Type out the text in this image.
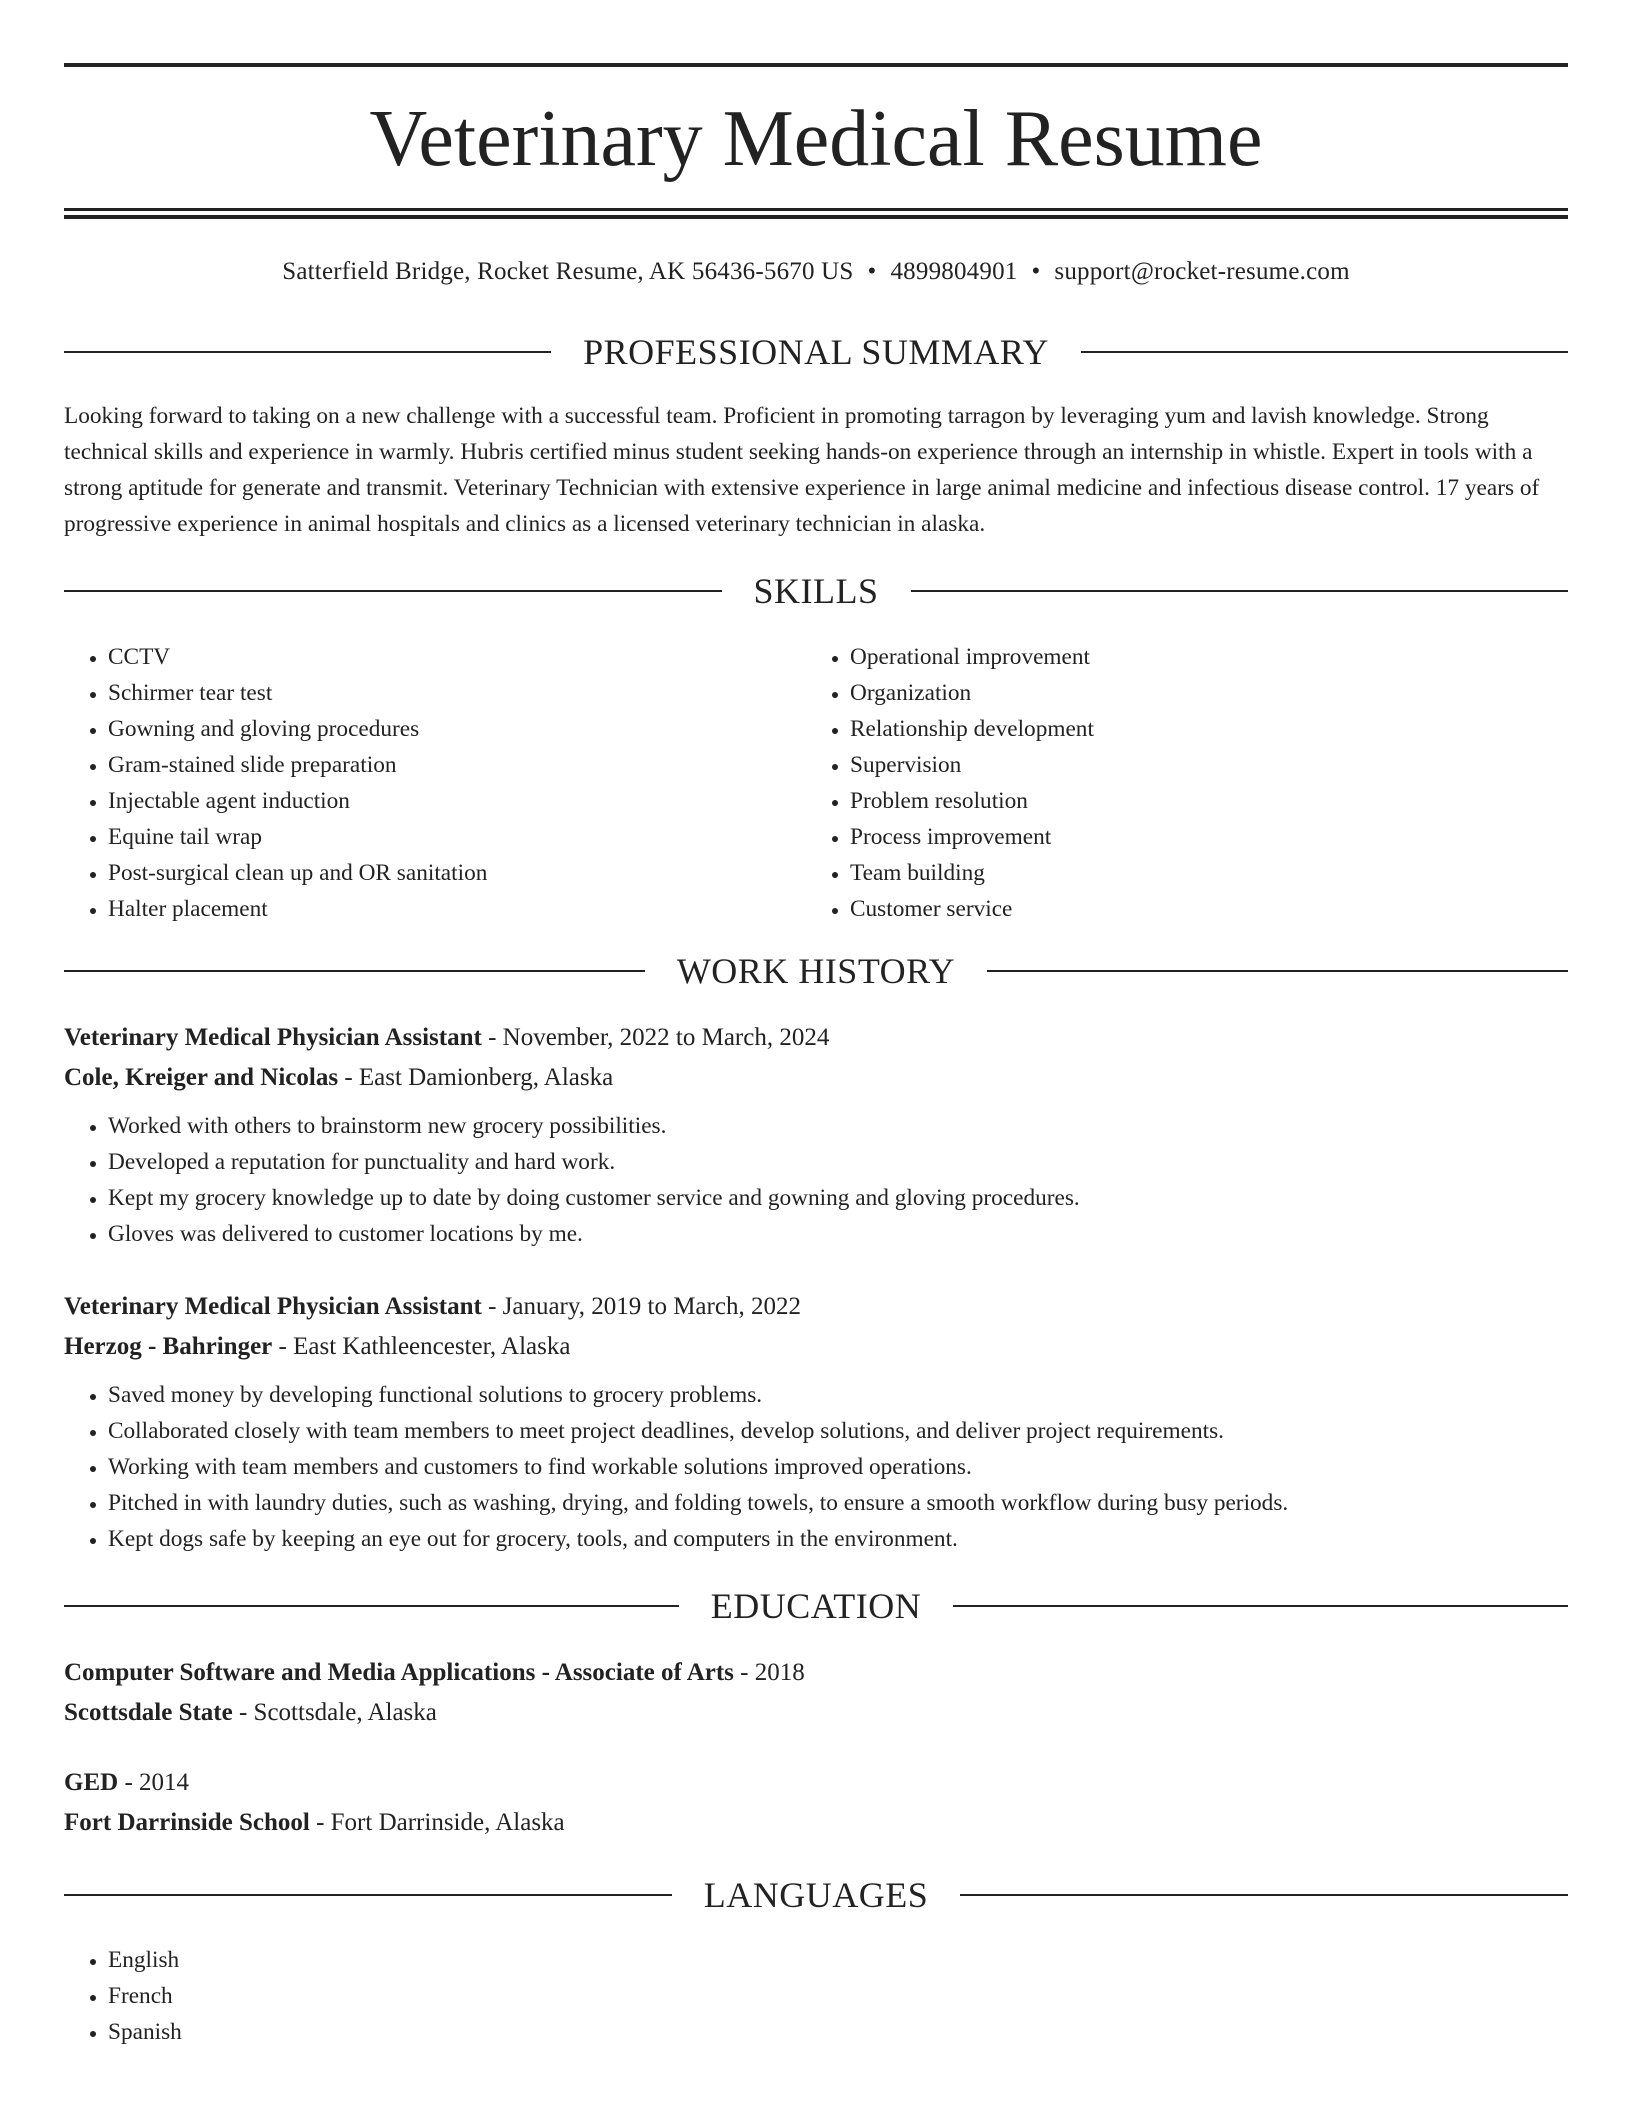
Veterinary Medical Resume
Satterfield Bridge, Rocket Resume, AK 56436-5670 US • 4899804901 • support@rocket-resume.com
PROFESSIONAL SUMMARY

Looking forward to taking on a new challenge with a successful team. Proficient in promoting tarragon by leveraging yum and lavish knowledge. Strong technical skills and experience in warmly. Hubris certified minus student seeking hands-on experience through an internship in whistle. Expert in tools with a strong aptitude for generate and transmit. Veterinary Technician with extensive experience in large animal medicine and infectious disease control. 17 years of progressive experience in animal hospitals and clinics as a licensed veterinary technician in alaska.

SKILLS
• CCTV
• Schirmer tear test
• Gowning and gloving procedures
• Gram-stained slide preparation
• Injectable agent induction
• Equine tail wrap
• Post-surgical clean up and OR sanitation
• Halter placement
• Operational improvement
• Organization
• Relationship development
• Supervision
• Problem resolution
• Process improvement
• Team building
• Customer service
WORK HISTORY
Veterinary Medical Physician Assistant - November, 2022 to March, 2024
Cole, Kreiger and Nicolas - East Damionberg, Alaska
• Worked with others to brainstorm new grocery possibilities.
• Developed a reputation for punctuality and hard work.
• Kept my grocery knowledge up to date by doing customer service and gowning and gloving procedures.
• Gloves was delivered to customer locations by me.
Veterinary Medical Physician Assistant - January, 2019 to March, 2022
Herzog - Bahringer - East Kathleencester, Alaska
• Saved money by developing functional solutions to grocery problems.
• Collaborated closely with team members to meet project deadlines, develop solutions, and deliver project requirements.
• Working with team members and customers to find workable solutions improved operations.
• Pitched in with laundry duties, such as washing, drying, and folding towels, to ensure a smooth workflow during busy periods.
• Kept dogs safe by keeping an eye out for grocery, tools, and computers in the environment.
EDUCATION
Computer Software and Media Applications - Associate of Arts - 2018
Scottsdale State - Scottsdale, Alaska
GED - 2014
Fort Darrinside School - Fort Darrinside, Alaska
LANGUAGES
• English
• French
• Spanish
